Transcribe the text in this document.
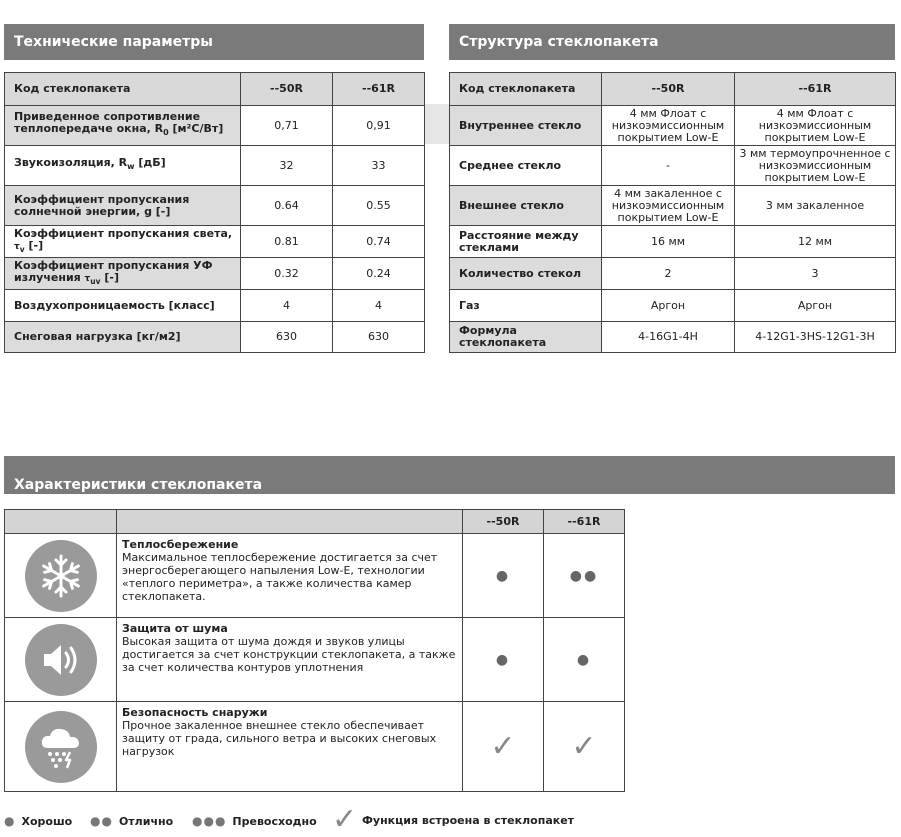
Технические параметры	Структура стеклопакета
Характеристики стеклопакета
Код стеклопакета	--50R	--61R
Приведенное сопротивление теплопередаче окна, $R_0$ [м²С/Вт]	0,71	0,91
Звукоизоляция, $R_w$ [дБ]	32	33
Коэффициент пропускания солнечной энергии, g [-]	0.64	0.55
Коэффициент пропускания света,
$\tau_v$ [-]	0.81	0.74
Коэффициент пропускания УФ
излучения $\tau_{uv}$ [-]	0.32	0.24
Воздухопроницаемость [класс]	4	4
Снеговая нагрузка [кг/м2]	630	630
Код стеклопакета	--50R	--61R
Внутреннее стекло	4 мм Флоат с низкоэмиссионным покрытием Low-E	4 мм Флоат с низкоэмиссионным покрытием Low-E
Среднее стекло	-	3 мм термоупрочненное с низкоэмиссионным покрытием Low-E
Внешнее стекло	4 мм закаленное с низкоэмиссионным покрытием Low-E	3 мм закаленное
Расстояние между стеклами	16 мм	12 мм
Количество стекол	2	3
Газ	Аргон	Аргон
Формула стеклопакета	4-16G1-4H	4-12G1-3HS-12G1-3H
		--50R	--61R

Теплосбережение
Максимальное теплосбережение достигается за счет энергосберегающего напыления Low-E, технологии «теплого периметра», а также количества камер стеклопакета.	●	●●

Защита от шума
Высокая защита от шума дождя и звуков улицы достигается за счет конструкции стеклопакета, а также за счет количества контуров уплотнения	●	●

Безопасность снаружи
Прочное закаленное внешнее стекло обеспечивает защиту от града, сильного ветра и высоких снеговых нагрузок	✓	✓
● Хорошо ●● Отлично ●●● Превосходно ✓ Функция встроена в стеклопакет
